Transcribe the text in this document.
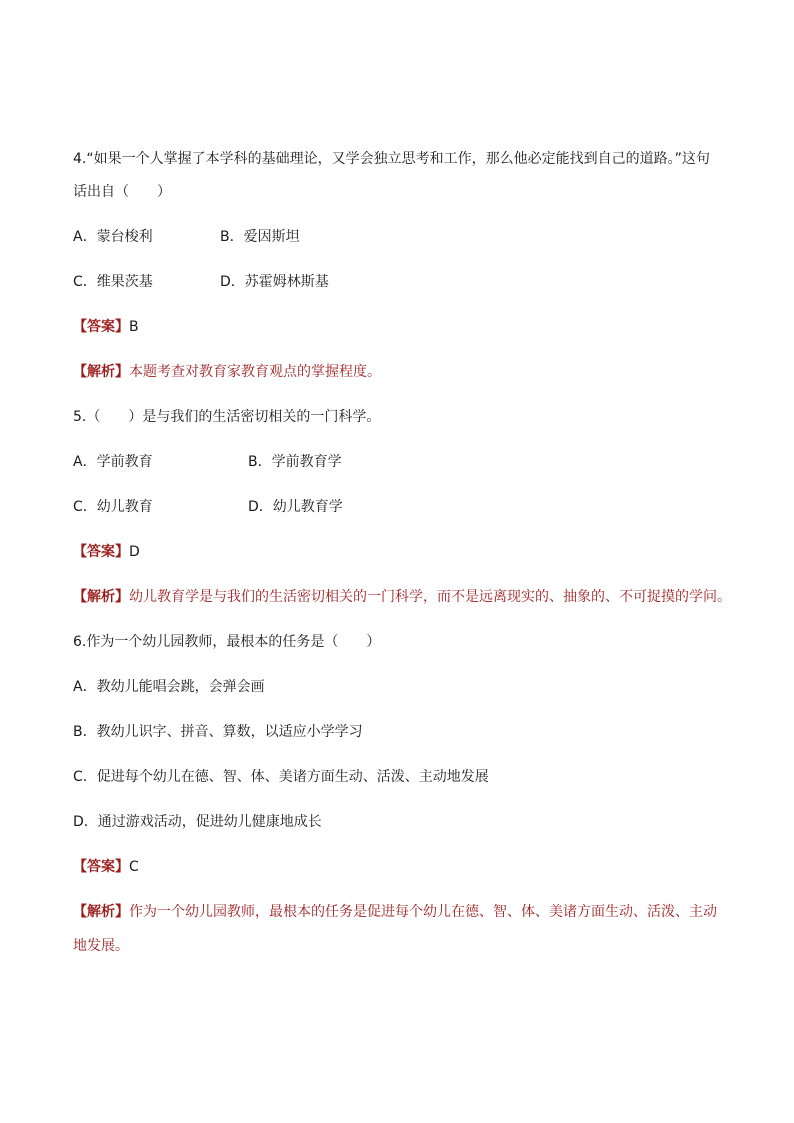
4.“如果一个人掌握了本学科的基础理论，又学会独立思考和工作，那么他必定能找到自己的道路。”这句
话出自（　　）
A．蒙台梭利	B．爱因斯坦
C．维果茨基	D．苏霍姆林斯基
【答案】B
【解析】本题考查对教育家教育观点的掌握程度。
5.（　　）是与我们的生活密切相关的一门科学。
A．学前教育	B．学前教育学
C．幼儿教育	D．幼儿教育学
【答案】D
【解析】幼儿教育学是与我们的生活密切相关的一门科学，而不是远离现实的、抽象的、不可捉摸的学问。
6.作为一个幼儿园教师，最根本的任务是（　　）
A．教幼儿能唱会跳，会弹会画
B．教幼儿识字、拼音、算数，以适应小学学习
C．促进每个幼儿在德、智、体、美诸方面生动、活泼、主动地发展
D．通过游戏活动，促进幼儿健康地成长
【答案】C
【解析】作为一个幼儿园教师，最根本的任务是促进每个幼儿在德、智、体、美诸方面生动、活泼、主动地发展。
